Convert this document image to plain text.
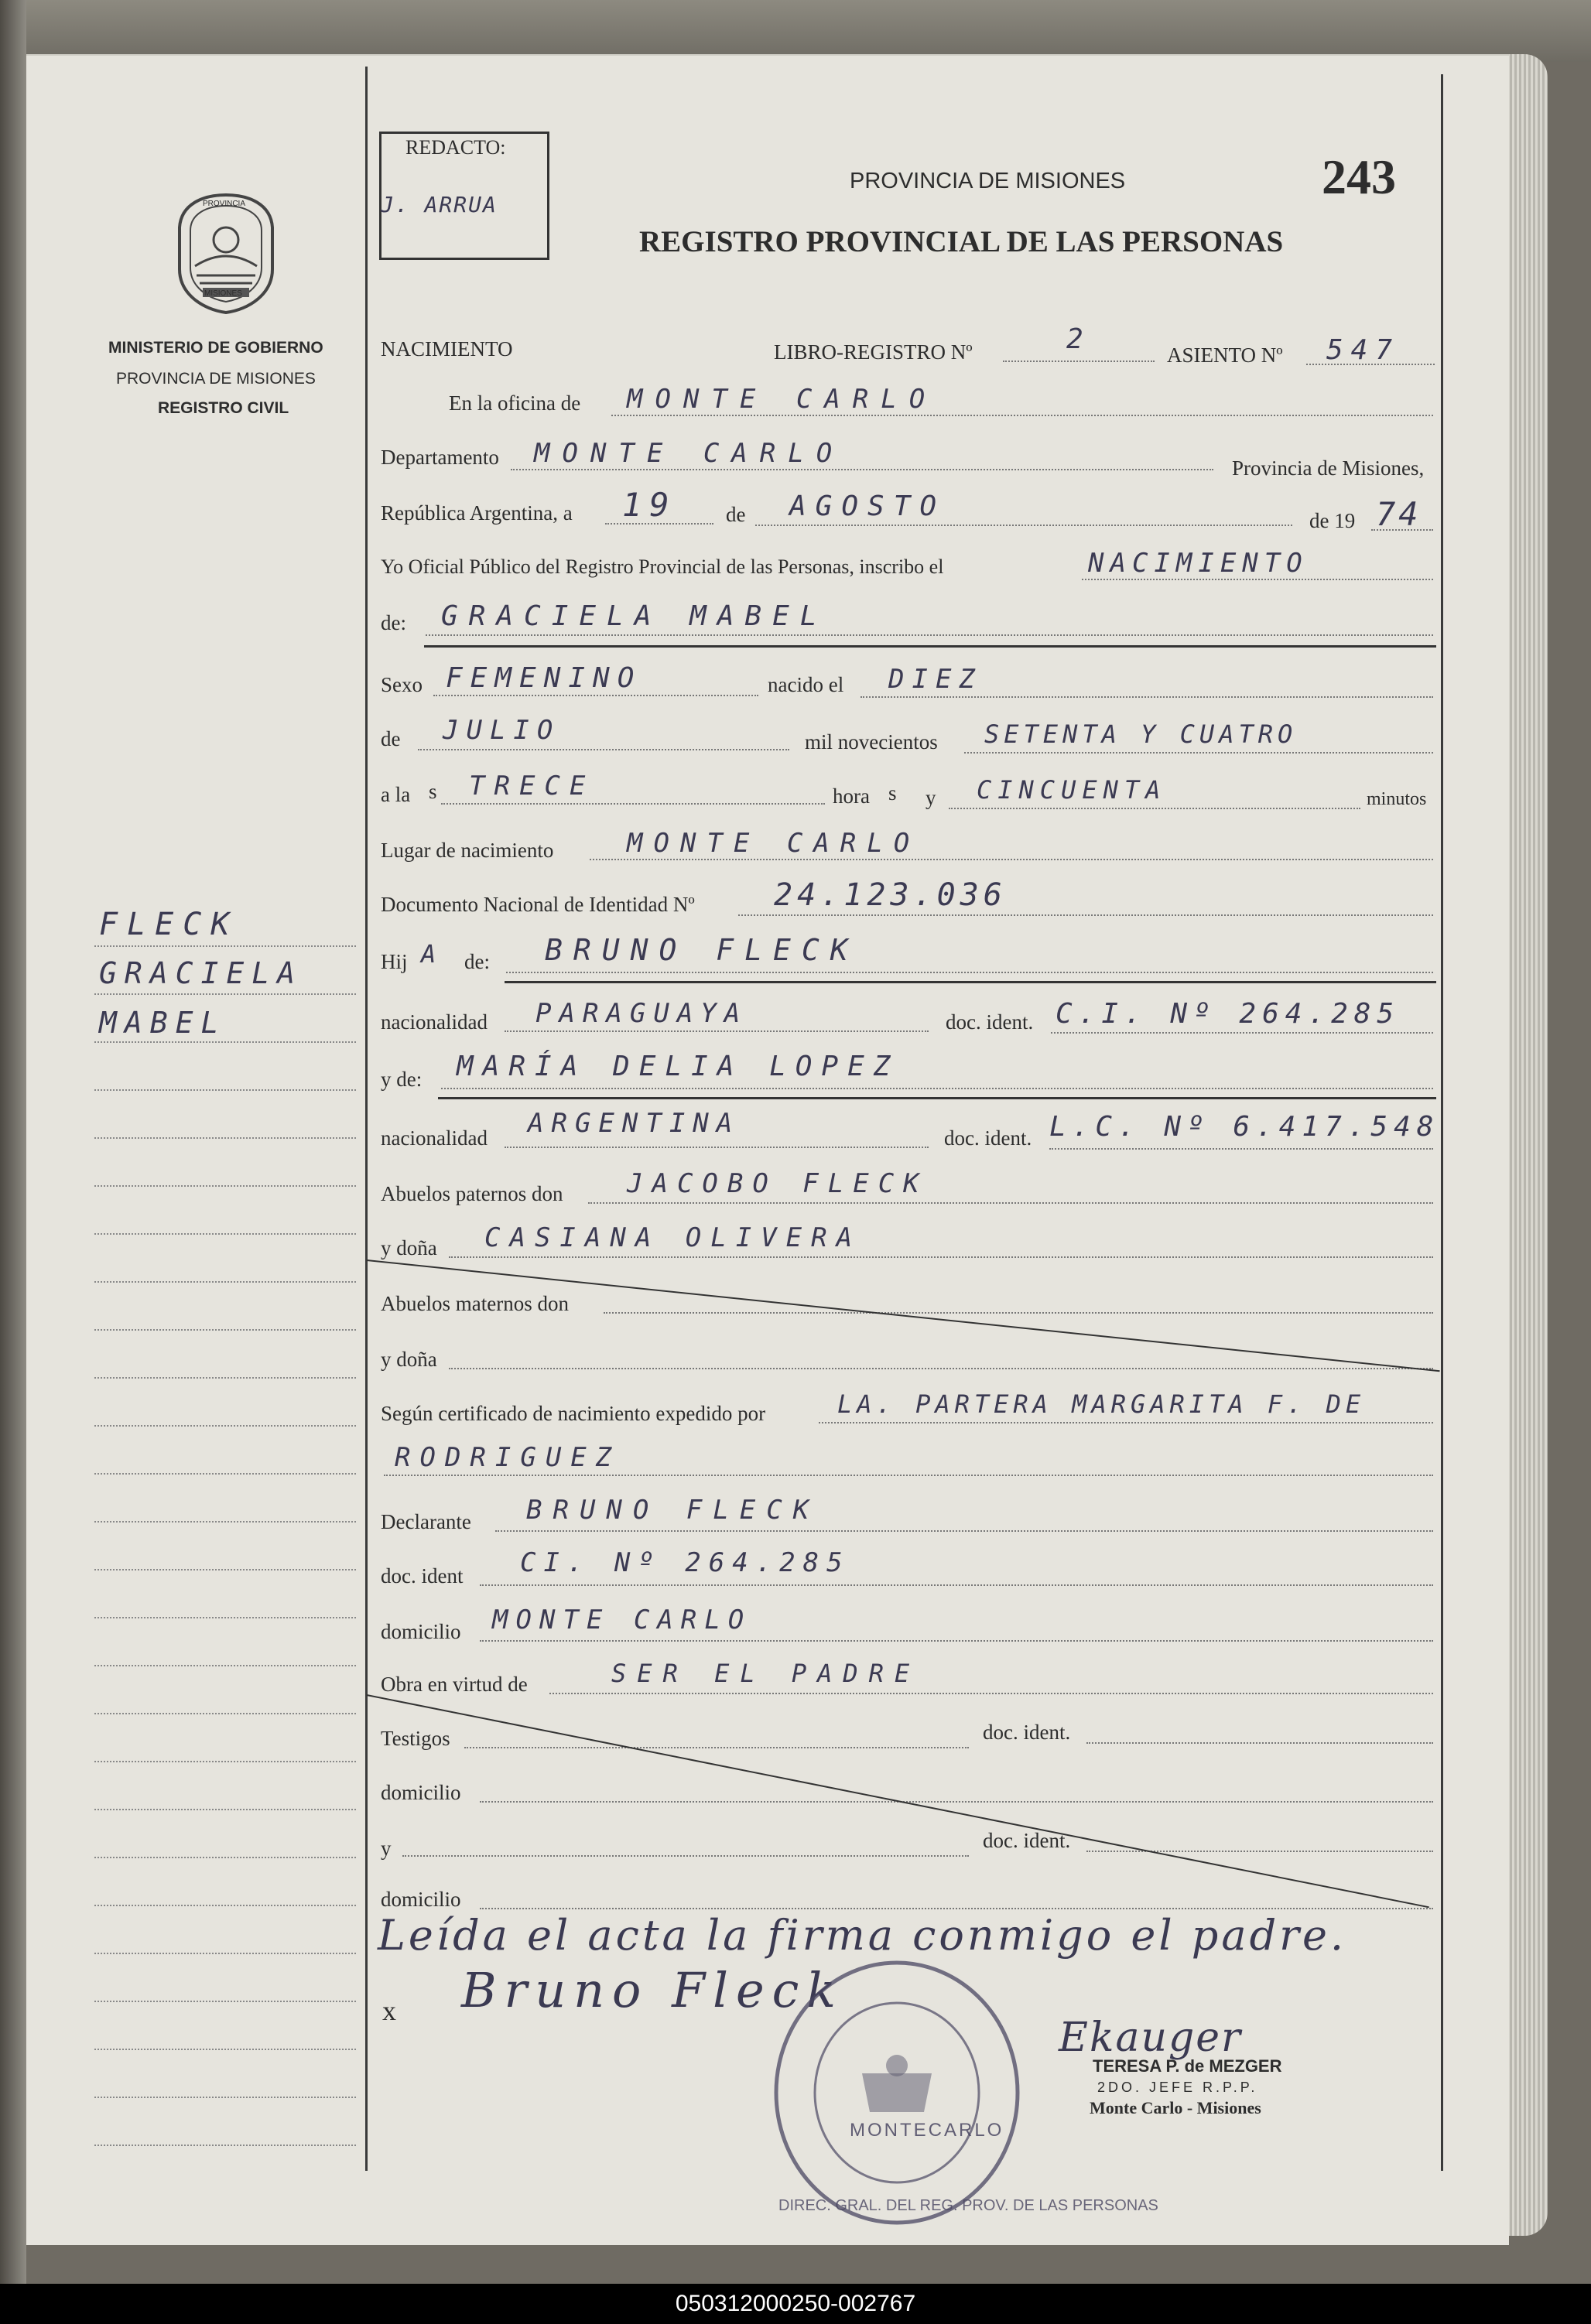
PROVINCIA
MISIONES
MINISTERIO DE GOBIERNO
PROVINCIA DE MISIONES
REGISTRO CIVIL
REDACTO:
J. ARRUA
PROVINCIA DE MISIONES	243
REGISTRO PROVINCIAL DE LAS PERSONAS
NACIMIENTO	LIBRO-REGISTRO Nº	2	ASIENTO Nº 547
En la oficina de MONTE CARLO
Departamento MONTE CARLO	Provincia de Misiones,
República Argentina, a 19 de AGOSTO	de 19 74
Yo Oficial Público del Registro Provincial de las Personas, inscribo el	NACIMIENTO
de: GRACIELA MABEL
Sexo FEMENINO	nacido el DIEZ
de JULIO	mil novecientos SETENTA Y CUATRO
a la s TRECE	hora s y CINCUENTA	minutos
Lugar de nacimiento	MONTE CARLO
Documento Nacional de Identidad Nº	24.123.036
Hij A de: BRUNO FLECK
nacionalidad PARAGUAYA	doc. ident. C.I. Nº 264.285
y de: MARÍA DELIA LOPEZ
nacionalidad ARGENTINA	doc. ident. L.C. Nº 6.417.548
Abuelos paternos don JACOBO FLECK
y doña CASIANA OLIVERA
Abuelos maternos don
y doña
Según certificado de nacimiento expedido por	LA. PARTERA MARGARITA F. DE
RODRIGUEZ
Declarante BRUNO FLECK
doc. ident CI. Nº 264.285
domicilio MONTE CARLO
Obra en virtud de	SER EL PADRE
Testigos	doc. ident.
domicilio
y	doc. ident.
domicilio
Leída el acta la firma conmigo el padre.
x Bruno Fleck
DIREC. GRAL. DEL REG. PROV. DE LAS PERSONAS
MONTECARLO
Ekauger
TERESA P. de MEZGER
2DO. JEFE R.P.P.
Monte Carlo - Misiones
FLECK
GRACIELA
MABEL
050312000250-002767
